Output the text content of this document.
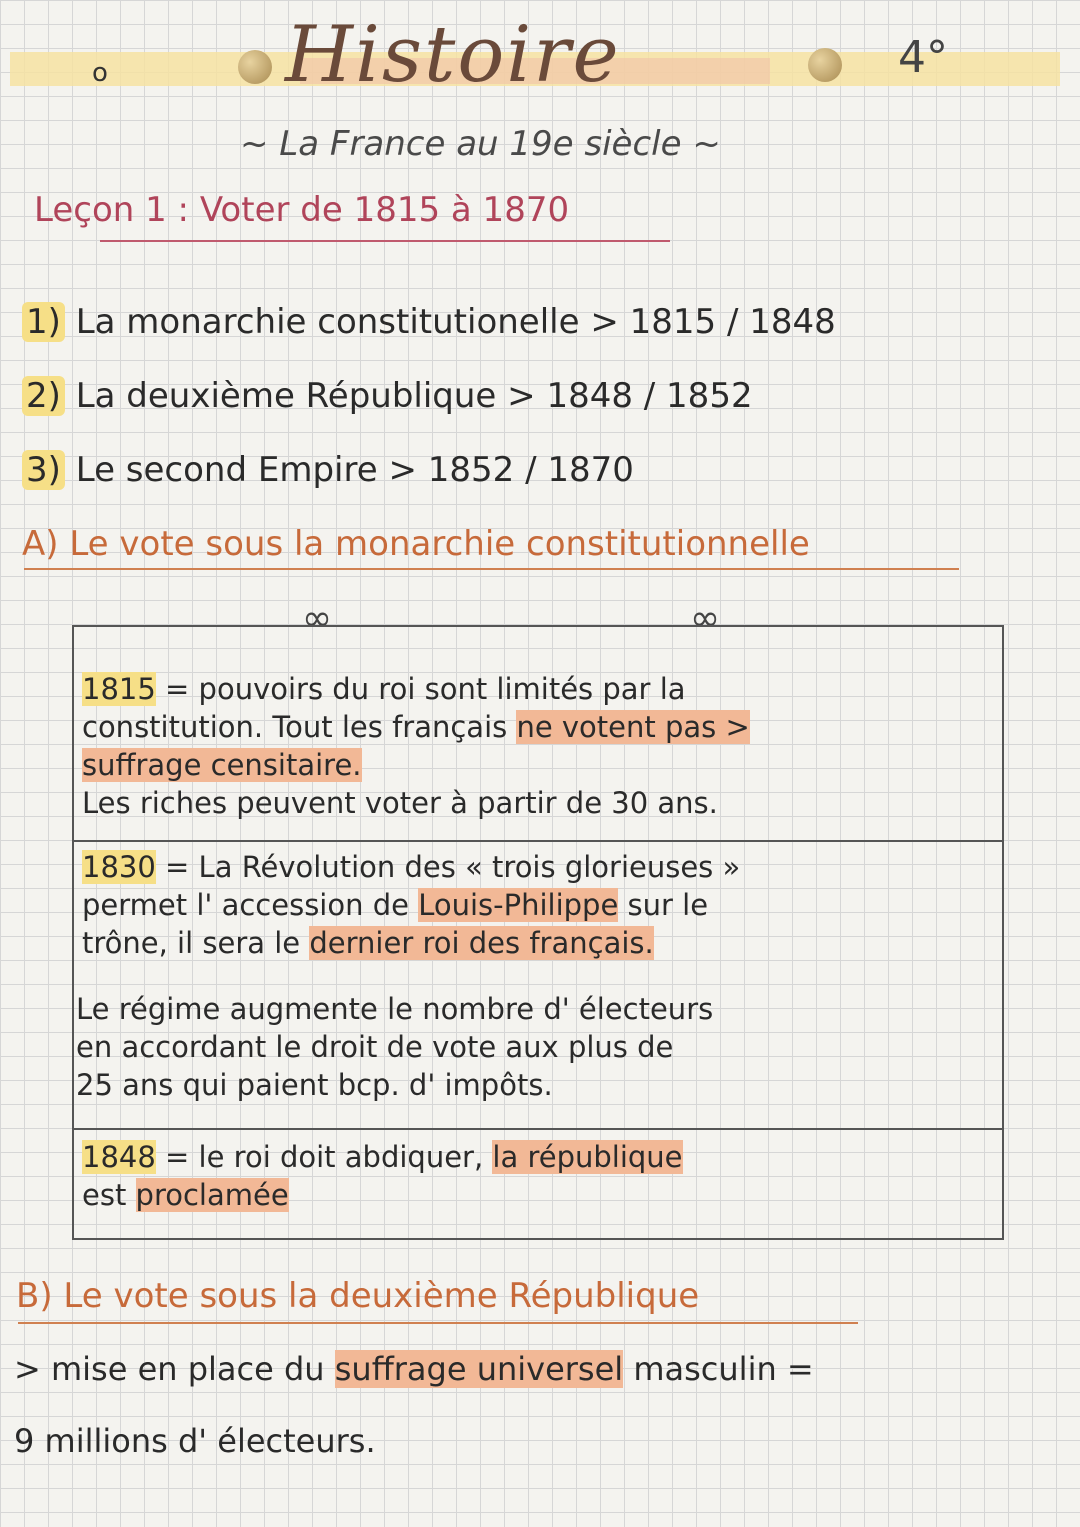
o Histoire	4°
~ La France au 19e siècle ~
Leçon 1 : Voter de 1815 à 1870
1) La monarchie constitutionelle > 1815 / 1848
2) La deuxième République > 1848 / 1852
3) Le second Empire > 1852 / 1870
A) Le vote sous la monarchie constitutionnelle
∞	∞
1815 = pouvoirs du roi sont limités par la
constitution. Tout les français ne votent pas >
suffrage censitaire.
Les riches peuvent voter à partir de 30 ans.
1830 = La Révolution des « trois glorieuses »
permet l' accession de Louis-Philippe sur le
trône, il sera le dernier roi des français.
Le régime augmente le nombre d' électeurs
en accordant le droit de vote aux plus de
25 ans qui paient bcp. d' impôts.
1848 = le roi doit abdiquer, la république
est proclamée
B) Le vote sous la deuxième République
> mise en place du suffrage universel masculin =
9 millions d' électeurs.
